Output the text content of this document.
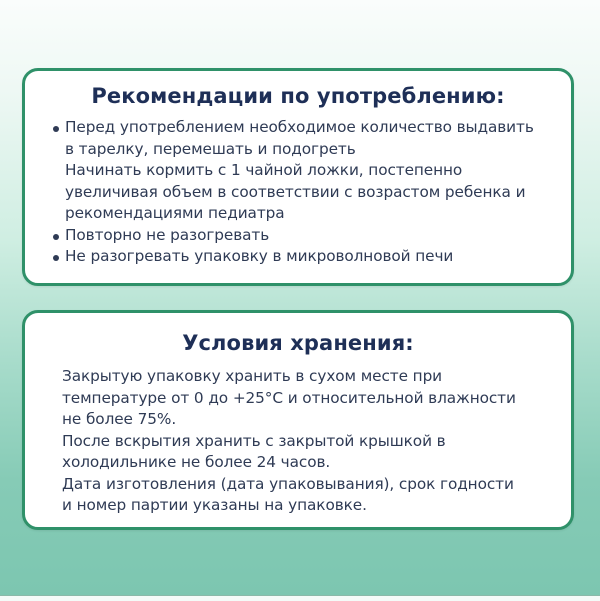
Рекомендации по употреблению:
Перед употреблением необходимое количество выдавить
в тарелку, перемешать и подогреть
Начинать кормить с 1 чайной ложки, постепенно
увеличивая объем в соответствии с возрастом ребенка и
рекомендациями педиатра
Повторно не разогревать
Не разогревать упаковку в микроволновой печи
Условия хранения:
Закрытую упаковку хранить в сухом месте при
температуре от 0 до +25°С и относительной влажности
не более 75%.
После вскрытия хранить с закрытой крышкой в
холодильнике не более 24 часов.
Дата изготовления (дата упаковывания), срок годности
и номер партии указаны на упаковке.
